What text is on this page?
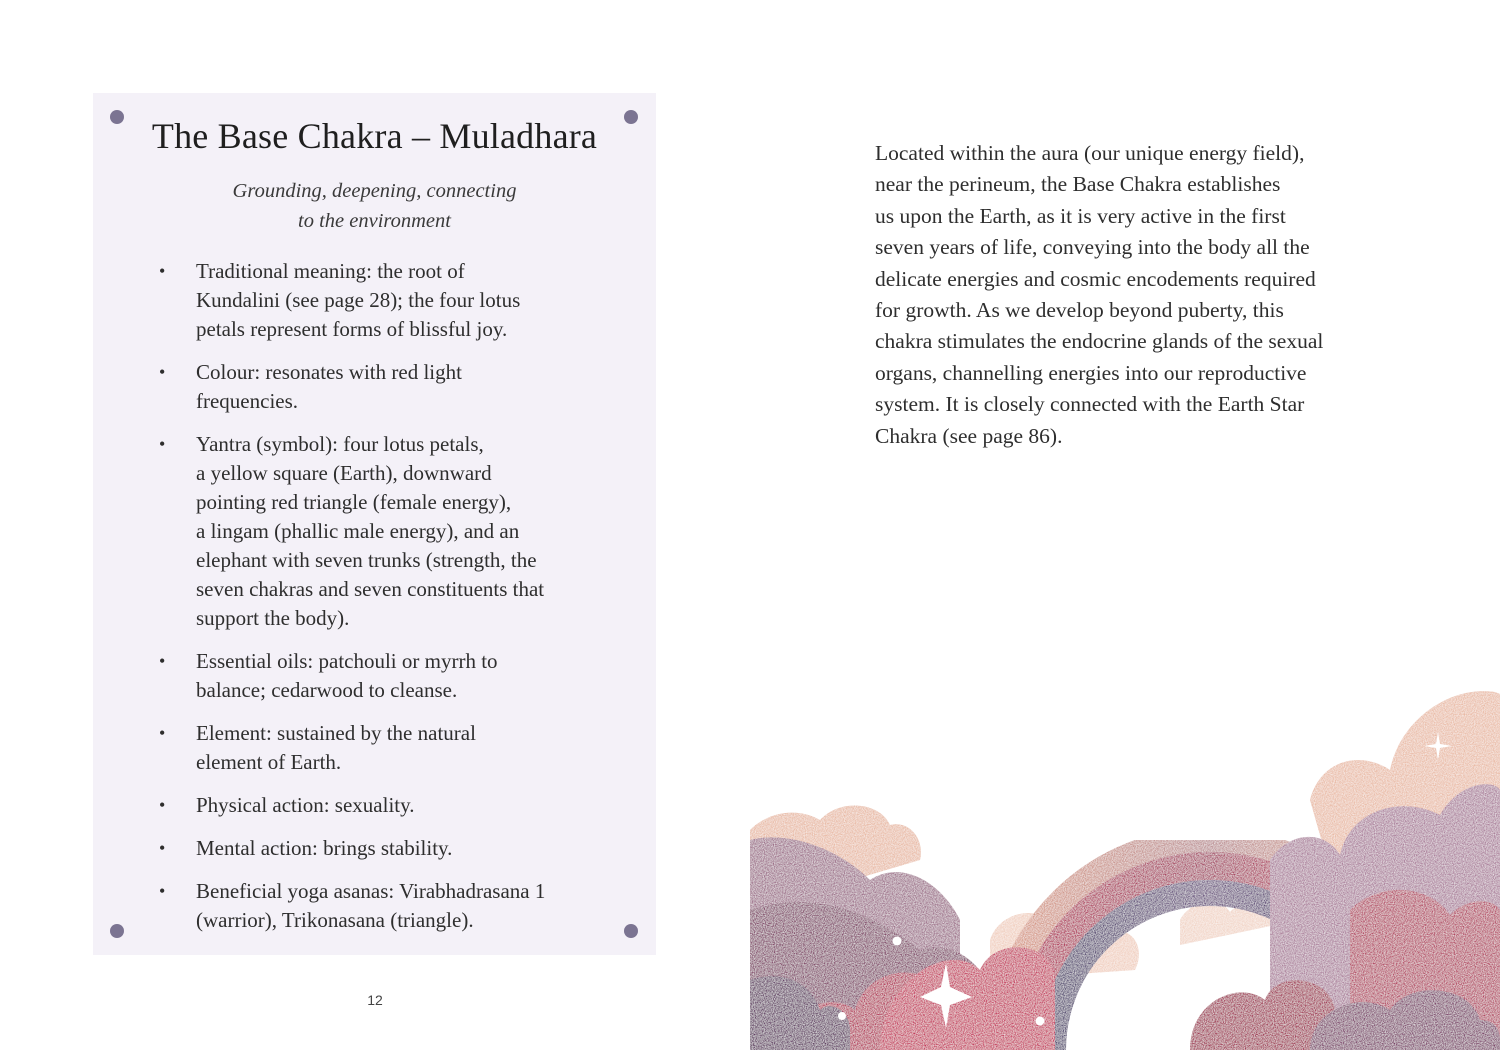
The Base Chakra – Muladhara
Grounding, deepening, connecting
to the environment
• Traditional meaning: the root of
Kundalini (see page 28); the four lotus
petals represent forms of blissful joy.
• Colour: resonates with red light
frequencies.
• Yantra (symbol): four lotus petals,
a yellow square (Earth), downward
pointing red triangle (female energy),
a lingam (phallic male energy), and an
elephant with seven trunks (strength, the
seven chakras and seven constituents that
support the body).
• Essential oils: patchouli or myrrh to
balance; cedarwood to cleanse.
• Element: sustained by the natural
element of Earth.
• Physical action: sexuality.
• Mental action: brings stability.
• Beneficial yoga asanas: Virabhadrasana 1
(warrior), Trikonasana (triangle).
12

Located within the aura (our unique energy field),
near the perineum, the Base Chakra establishes
us upon the Earth, as it is very active in the first
seven years of life, conveying into the body all the
delicate energies and cosmic encodements required
for growth. As we develop beyond puberty, this
chakra stimulates the endocrine glands of the sexual
organs, channelling energies into our reproductive
system. It is closely connected with the Earth Star
Chakra (see page 86).
